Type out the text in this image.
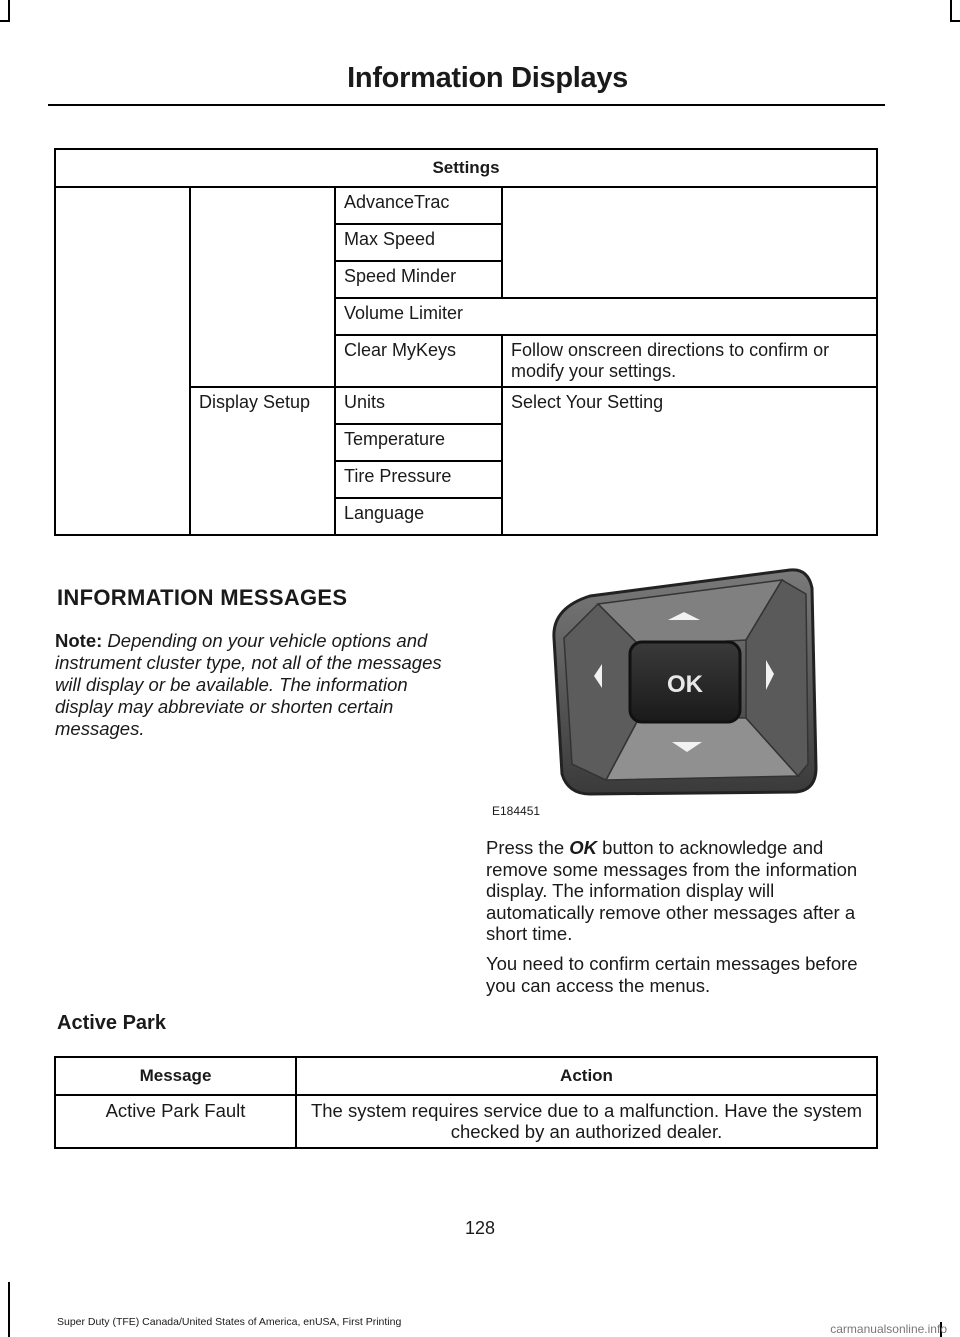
Information Displays
Settings			
		AdvanceTrac	
		Max Speed	
		Speed Minder	
		Volume Limiter	
		Clear MyKeys	Follow onscreen directions to confirm or modify your settings.
	Display Setup	Units	Select Your Setting
		Temperature	
		Tire Pressure	
		Language	
INFORMATION MESSAGES
Note: Depending on your vehicle options and instrument cluster type, not all of the messages will display or be available. The information display may abbreviate or shorten certain messages.
OK
E184451
Press the OK button to acknowledge and remove some messages from the information display. The information display will automatically remove other messages after a short time.
You need to confirm certain messages before you can access the menus.
Active Park
Message	Action
Active Park Fault	The system requires service due to a malfunction. Have the system checked by an authorized dealer.
128
Super Duty (TFE) Canada/United States of America, enUSA, First Printing	carmanualsonline.info
